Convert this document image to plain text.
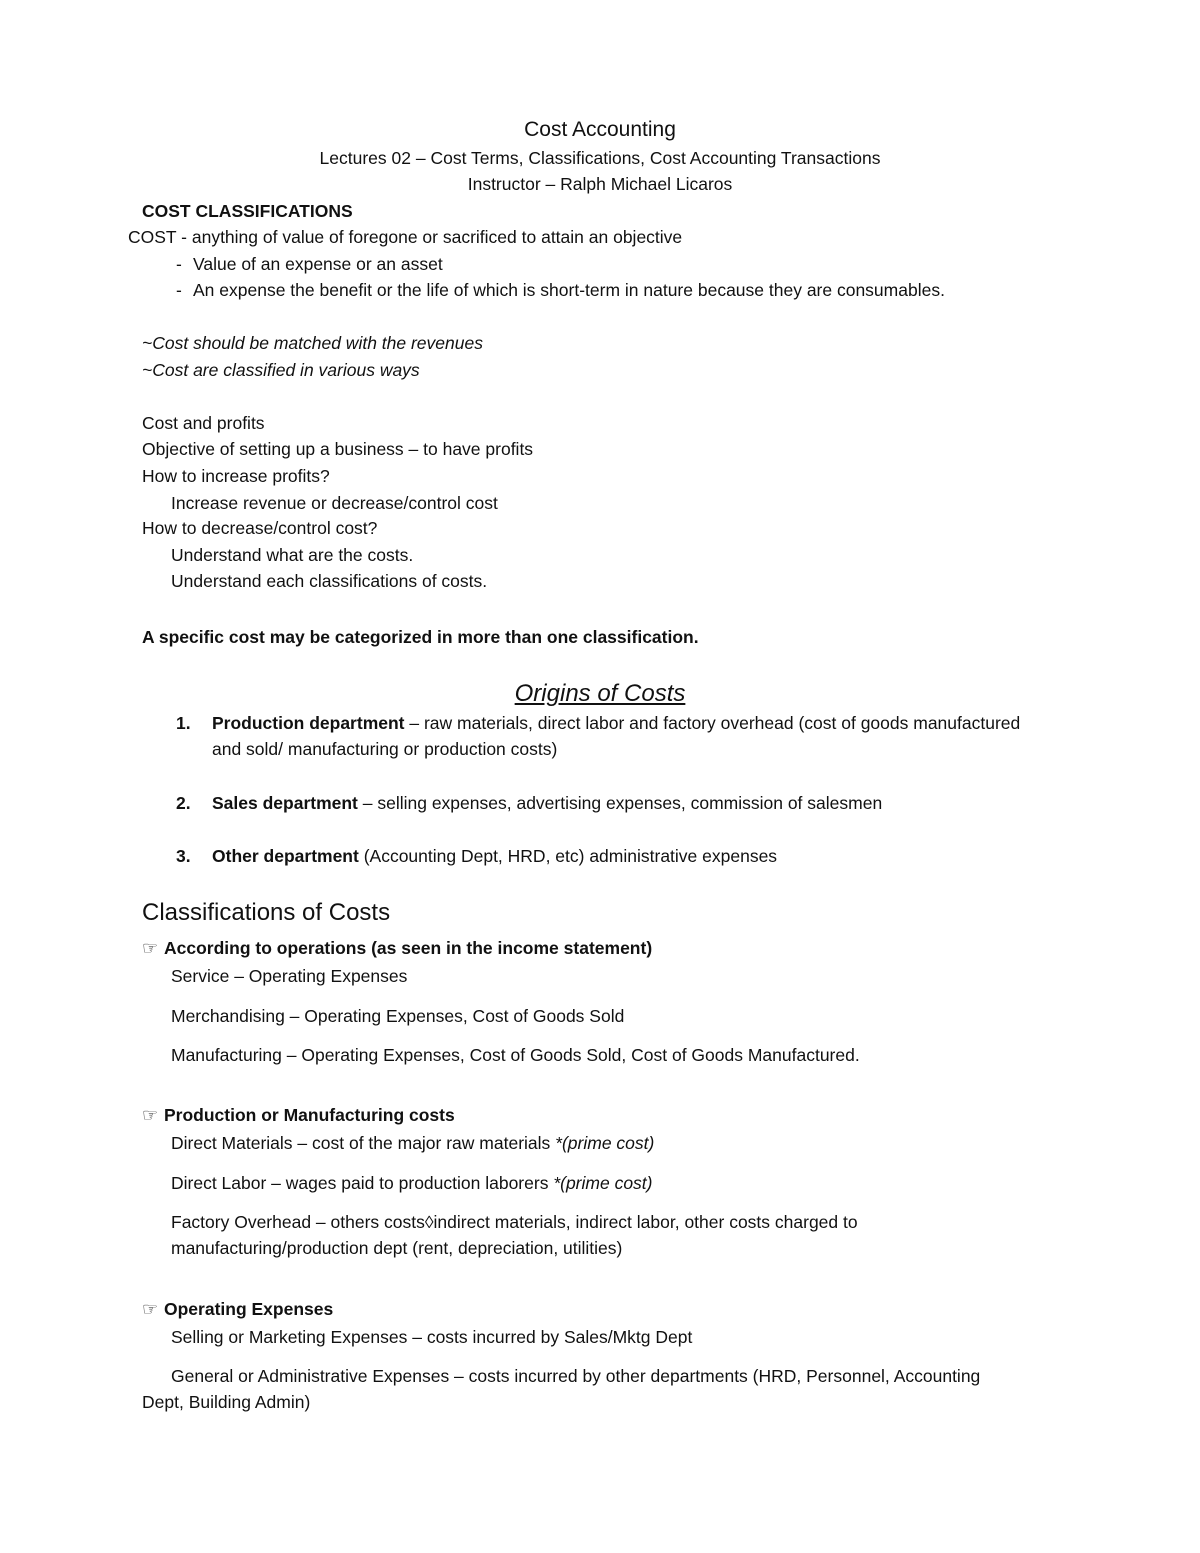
Cost Accounting
Lectures 02 – Cost Terms, Classifications, Cost Accounting Transactions
Instructor – Ralph Michael Licaros
COST CLASSIFICATIONS
COST - anything of value of foregone or sacrificed to attain an objective
- Value of an expense or an asset
- An expense the benefit or the life of which is short-term in nature because they are consumables.
~Cost should be matched with the revenues
~Cost are classified in various ways
Cost and profits
Objective of setting up a business – to have profits
How to increase profits?
Increase revenue or decrease/control cost
How to decrease/control cost?
Understand what are the costs.
Understand each classifications of costs.
A specific cost may be categorized in more than one classification.
Origins of Costs
1. Production department – raw materials, direct labor and factory overhead (cost of goods manufactured and sold/ manufacturing or production costs)
2. Sales department – selling expenses, advertising expenses, commission of salesmen
3. Other department (Accounting Dept, HRD, etc) administrative expenses
Classifications of Costs
☞ According to operations (as seen in the income statement)
Service – Operating Expenses
Merchandising – Operating Expenses, Cost of Goods Sold
Manufacturing – Operating Expenses, Cost of Goods Sold, Cost of Goods Manufactured.
☞ Production or Manufacturing costs
Direct Materials – cost of the major raw materials *(prime cost)
Direct Labor – wages paid to production laborers *(prime cost)
Factory Overhead – others costs◊indirect materials, indirect labor, other costs charged to manufacturing/production dept (rent, depreciation, utilities)
☞ Operating Expenses
Selling or Marketing Expenses – costs incurred by Sales/Mktg Dept
General or Administrative Expenses – costs incurred by other departments (HRD, Personnel, Accounting Dept, Building Admin)
